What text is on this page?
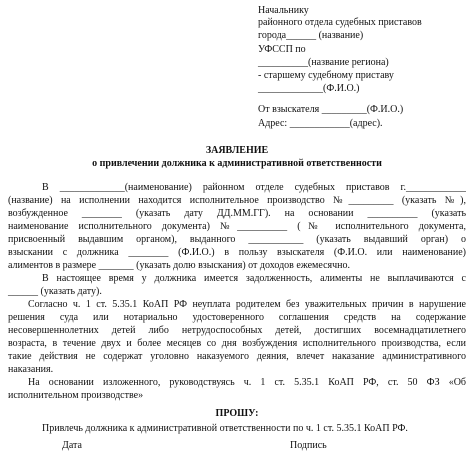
Начальнику
районного отдела судебных приставов
города______ (название)
УФССП по
__________(название региона)
- старшему судебному приставу
_____________(Ф.И.О.)
От взыскателя _________(Ф.И.О.)
Адрес: ____________(адрес).
ЗАЯВЛЕНИЕ
о привлечении должника к административной ответственности
В _____________(наименование) районном отделе судебных приставов г.____________
(название) на исполнении находится исполнительное производство №_________ (указать №),
возбужденное ________ (указать дату ДД.ММ.ГГ). на основании __________ (указать
наименование исполнительного документа) №__________ (№ исполнительного документа,
присвоенный выдавшим органом), выданного ___________ (указать выдавший орган) о
взыскании с должника ________ (Ф.И.О.) в пользу взыскателя (Ф.И.О. или наименование)
алиментов в размере _______ (указать долю взыскания) от доходов ежемесячно.
В настоящее время у должника имеется задолженность, алименты не выплачиваются с
______ (указать дату).
Согласно ч. 1 ст. 5.35.1 КоАП РФ неуплата родителем без уважительных причин в нарушение
решения суда или нотариально удостоверенного соглашения средств на содержание
несовершеннолетних детей либо нетрудоспособных детей, достигших восемнадцатилетнего
возраста, в течение двух и более месяцев со дня возбуждения исполнительного производства, если
такие действия не содержат уголовно наказуемого деяния, влечет наказание административного
наказания.
На основании изложенного, руководствуясь ч. 1 ст. 5.35.1 КоАП РФ, ст. 50 ФЗ «Об
исполнительном производстве»
ПРОШУ:
Привлечь должника к административной ответственности по ч. 1 ст. 5.35.1 КоАП РФ.
Дата	Подпись
